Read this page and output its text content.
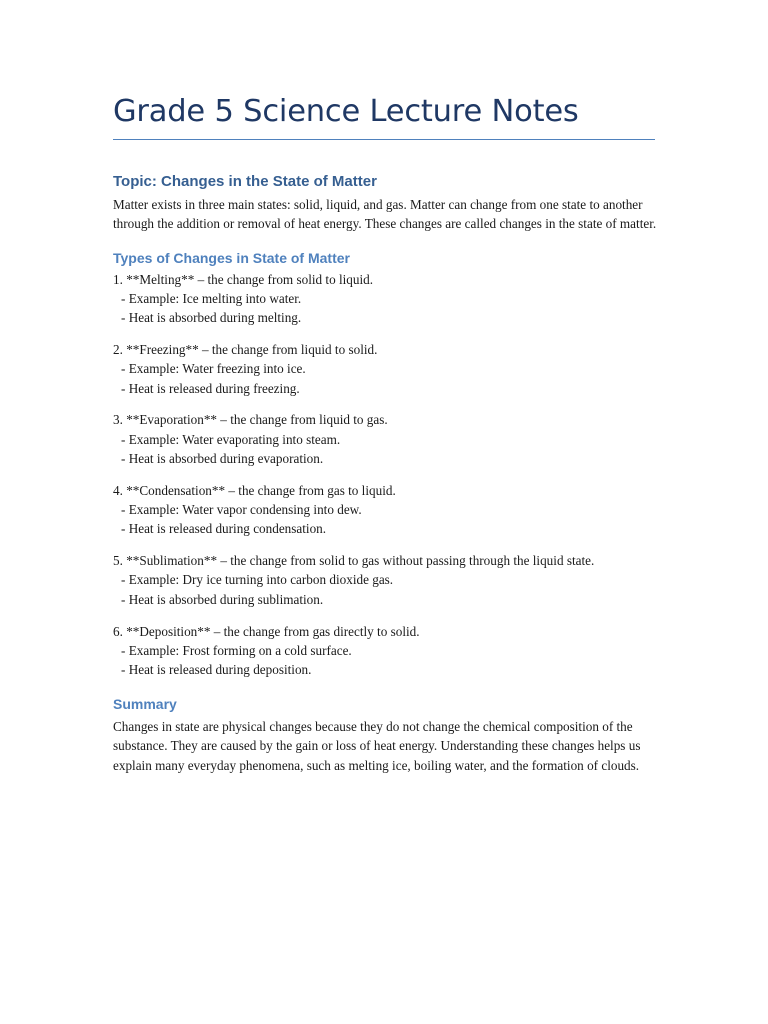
Grade 5 Science Lecture Notes
Topic: Changes in the State of Matter

Matter exists in three main states: solid, liquid, and gas. Matter can change from one state to another through the addition or removal of heat energy. These changes are called changes in the state of matter.

Types of Changes in State of Matter
1. **Melting** – the change from solid to liquid.
- Example: Ice melting into water.
- Heat is absorbed during melting.
2. **Freezing** – the change from liquid to solid.
- Example: Water freezing into ice.
- Heat is released during freezing.
3. **Evaporation** – the change from liquid to gas.
- Example: Water evaporating into steam.
- Heat is absorbed during evaporation.
4. **Condensation** – the change from gas to liquid.
- Example: Water vapor condensing into dew.
- Heat is released during condensation.
5. **Sublimation** – the change from solid to gas without passing through the liquid state.
- Example: Dry ice turning into carbon dioxide gas.
- Heat is absorbed during sublimation.
6. **Deposition** – the change from gas directly to solid.
- Example: Frost forming on a cold surface.
- Heat is released during deposition.
Summary

Changes in state are physical changes because they do not change the chemical composition of the substance. They are caused by the gain or loss of heat energy. Understanding these changes helps us explain many everyday phenomena, such as melting ice, boiling water, and the formation of clouds.
